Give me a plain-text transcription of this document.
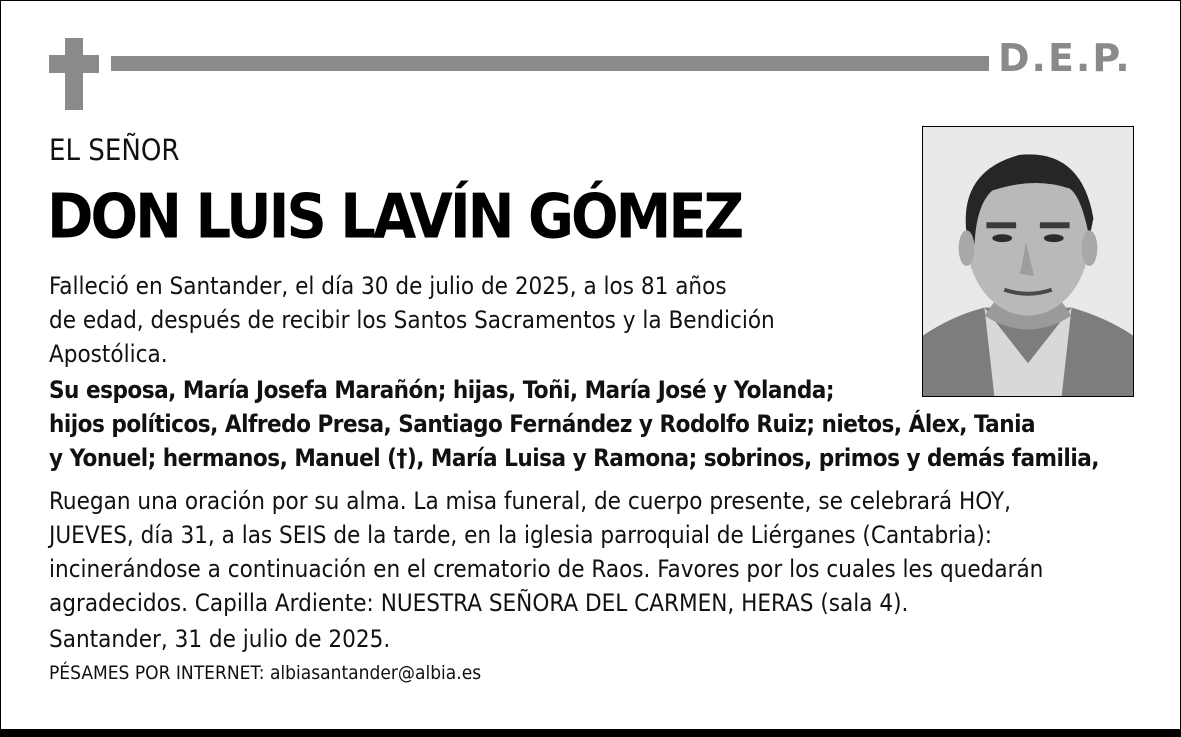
D.E.P.
EL SEÑOR
DON LUIS LAVÍN GÓMEZ
Falleció en Santander, el día 30 de julio de 2025, a los 81 años
de edad, después de recibir los Santos Sacramentos y la Bendición
Apostólica.
Su esposa, María Josefa Marañón; hijas, Toñi, María José y Yolanda;
hijos políticos, Alfredo Presa, Santiago Fernández y Rodolfo Ruiz; nietos, Álex, Tania
y Yonuel; hermanos, Manuel (†), María Luisa y Ramona; sobrinos, primos y demás familia,
Ruegan una oración por su alma. La misa funeral, de cuerpo presente, se celebrará HOY,
JUEVES, día 31, a las SEIS de la tarde, en la iglesia parroquial de Liérganes (Cantabria):
incinerándose a continuación en el crematorio de Raos. Favores por los cuales les quedarán
agradecidos. Capilla Ardiente: NUESTRA SEÑORA DEL CARMEN, HERAS (sala 4).
Santander, 31 de julio de 2025.
PÉSAMES POR INTERNET: albiasantander@albia.es
